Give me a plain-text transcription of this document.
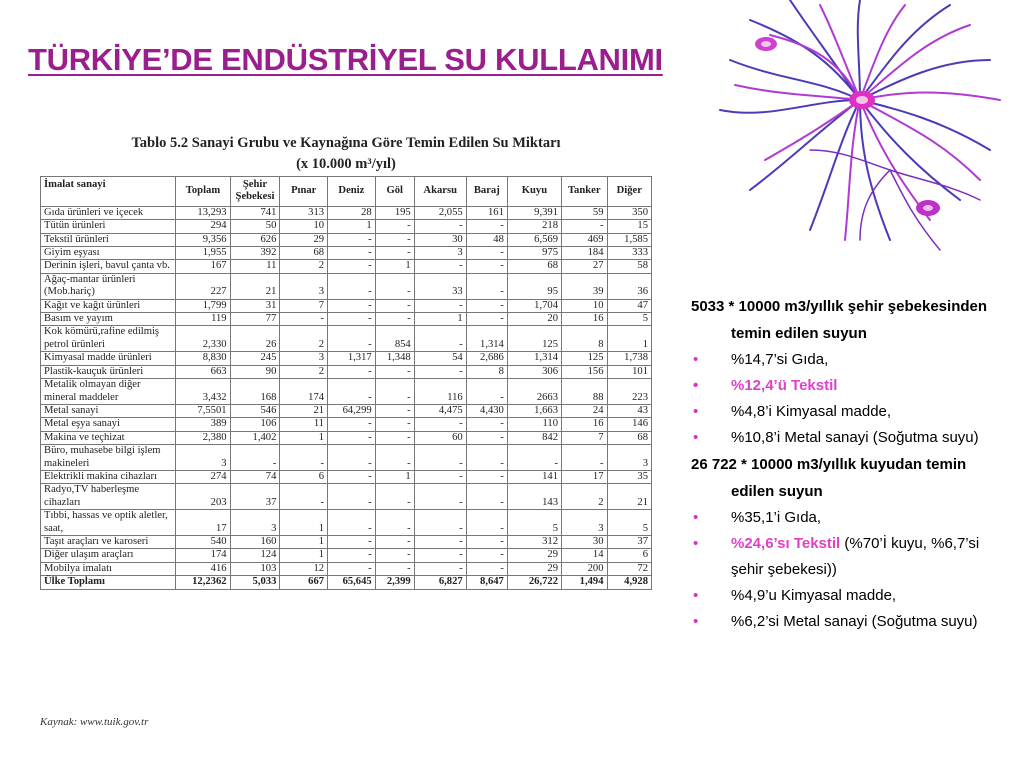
TÜRKİYE’DE ENDÜSTRİYEL SU KULLANIMI
Tablo 5.2 Sanayi Grubu ve Kaynağına Göre Temin Edilen Su Miktarı
(x 10.000 m³/yıl)
İmalat sanayi	Toplam	Şehir Şebekesi	Pınar	Deniz	Göl	Akarsu	Baraj	Kuyu	Tanker	Diğer
Gıda ürünleri ve içecek	13,293	741	313	28	195	2,055	161	9,391	59	350
Tütün ürünleri	294	50	10	1	-	-	-	218	-	15
Tekstil ürünleri	9,356	626	29	-	-	30	48	6,569	469	1,585
Giyim eşyası	1,955	392	68	-	-	3	-	975	184	333
Derinin işleri, bavul çanta vb.	167	11	2	-	1	-	-	68	27	58
Ağaç-mantar ürünleri (Mob.hariç)	227	21	3	-	-	33	-	95	39	36
Kağıt ve kağıt ürünleri	1,799	31	7	-	-	-	-	1,704	10	47
Basım ve yayım	119	77	-	-	-	1	-	20	16	5
Kok kömürü,rafine edilmiş petrol ürünleri	2,330	26	2	-	854	-	1,314	125	8	1
Kimyasal madde ürünleri	8,830	245	3	1,317	1,348	54	2,686	1,314	125	1,738
Plastik-kauçuk ürünleri	663	90	2	-	-	-	8	306	156	101
Metalik olmayan diğer mineral maddeler	3,432	168	174	-	-	116	-	2663	88	223
Metal sanayi	7,5501	546	21	64,299	-	4,475	4,430	1,663	24	43
Metal eşya sanayi	389	106	11	-	-	-	-	110	16	146
Makina ve teçhizat	2,380	1,402	1	-	-	60	-	842	7	68
Büro, muhasebe bilgi işlem makineleri	3	-	-	-	-	-	-	-	-	3
Elektrikli makina cihazları	274	74	6	-	1	-	-	141	17	35
Radyo,TV haberleşme cihazları	203	37	-	-	-	-	-	143	2	21
Tıbbi, hassas ve optik aletler, saat,	17	3	1	-	-	-	-	5	3	5
Taşıt araçları ve karoseri	540	160	1	-	-	-	-	312	30	37
Diğer ulaşım araçları	174	124	1	-	-	-	-	29	14	6
Mobilya imalatı	416	103	12	-	-	-	-	29	200	72
Ülke Toplamı	12,2362	5,033	667	65,645	2,399	6,827	8,647	26,722	1,494	4,928
Kaynak: www.tuik.gov.tr

5033 * 10000 m3/yıllık şehir şebekesinden temin edilen suyun

• %14,7’si Gıda,
• %12,4’ü Tekstil
• %4,8’i Kimyasal madde,
• %10,8’i Metal sanayi (Soğutma suyu)

26 722 * 10000 m3/yıllık kuyudan temin edilen suyun

• %35,1’i Gıda,
• %24,6’sı Tekstil (%70’İ kuyu, %6,7’si şehir şebekesi))
• %4,9’u Kimyasal madde,
• %6,2’si Metal sanayi (Soğutma suyu)
